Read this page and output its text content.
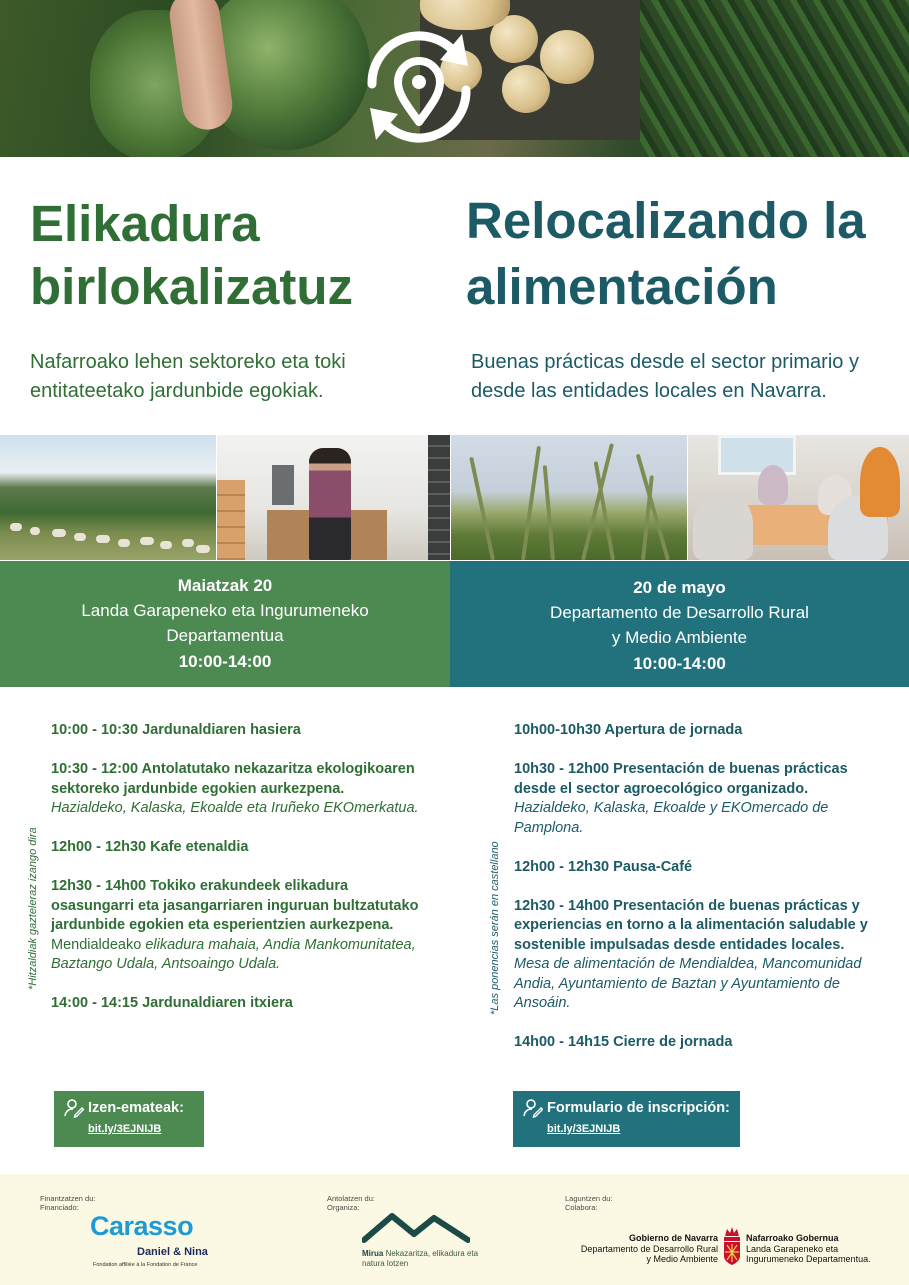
Elikadura birlokalizatuz
Relocalizando la alimentación

Nafarroako lehen sektoreko eta toki entitateetako jardunbide egokiak.

Buenas prácticas desde el sector primario y desde las entidades locales en Navarra.

Maiatzak 20
Landa Garapeneko eta Ingurumeneko Departamentua
10:00-14:00
20 de mayo
Departamento de Desarrollo Rural
y Medio Ambiente
10:00-14:00
10:00 - 10:30 Jardunaldiaren hasiera
10:30 - 12:00 Antolatutako nekazaritza ekologikoaren sektoreko jardunbide egokien aurkezpena.
Hazialdeko, Kalaska, Ekoalde eta Iruñeko EKOmerkatua.
12h00 - 12h30 Kafe etenaldia
12h30 - 14h00 Tokiko erakundeek elikadura osasungarri eta jasangarriaren inguruan bultzatutako jardunbide egokien eta esperientzien aurkezpena.
Mendialdeako elikadura mahaia, Andia Mankomunitatea, Baztango Udala, Antsoaingo Udala.
14:00 - 14:15 Jardunaldiaren itxiera
10h00-10h30 Apertura de jornada
10h30 - 12h00 Presentación de buenas prácticas desde el sector agroecológico organizado.
Hazialdeko, Kalaska, Ekoalde y EKOmercado de Pamplona.
12h00 - 12h30 Pausa-Café
12h30 - 14h00 Presentación de buenas prácticas y experiencias en torno a la alimentación saludable y sostenible impulsadas desde entidades locales.
Mesa de alimentación de Mendialdea, Mancomunidad Andia, Ayuntamiento de Baztan y Ayuntamiento de Ansoáin.
14h00 - 14h15 Cierre de jornada
*Hitzaldiak gazteleraz izango dira	*Las ponencias serán en castellano
Izen-emateak:
bit.ly/3EJNIJB
Formulario de inscripción:
bit.ly/3EJNIJB
Finantzatzen du:
Financiado:
Carasso
Daniel & Nina
Fondation affiliée à la Fondation de France
Antolatzen du:
Organiza:
Mirua Nekazaritza, elikadura eta natura lotzen
Laguntzen du:
Colabora:
Gobierno de Navarra
Departamento de Desarrollo Rural
y Medio Ambiente
Nafarroako Gobernua
Landa Garapeneko eta
Ingurumeneko Departamentua.
